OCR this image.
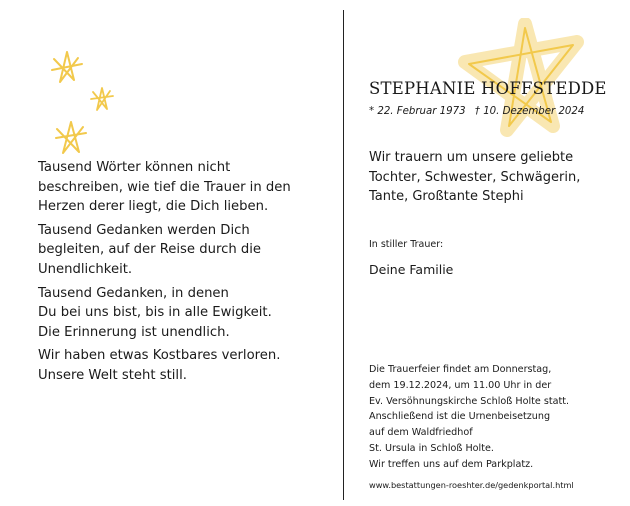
Tausend Wörter können nicht
beschreiben, wie tief die Trauer in den
Herzen derer liegt, die Dich lieben.
Tausend Gedanken werden Dich
begleiten, auf der Reise durch die
Unendlichkeit.
Tausend Gedanken, in denen
Du bei uns bist, bis in alle Ewigkeit.
Die Erinnerung ist unendlich.
Wir haben etwas Kostbares verloren.
Unsere Welt steht still.
STEPHANIE HOFFSTEDDE
* 22. Februar 1973 † 10. Dezember 2024
Wir trauern um unsere geliebte
Tochter, Schwester, Schwägerin,
Tante, Großtante Stephi
In stiller Trauer:
Deine Familie
Die Trauerfeier findet am Donnerstag,
dem 19.12.2024, um 11.00 Uhr in der
Ev. Versöhnungskirche Schloß Holte statt.
Anschließend ist die Urnenbeisetzung
auf dem Waldfriedhof
St. Ursula in Schloß Holte.
Wir treffen uns auf dem Parkplatz.
www.bestattungen-roeshter.de/gedenkportal.html
